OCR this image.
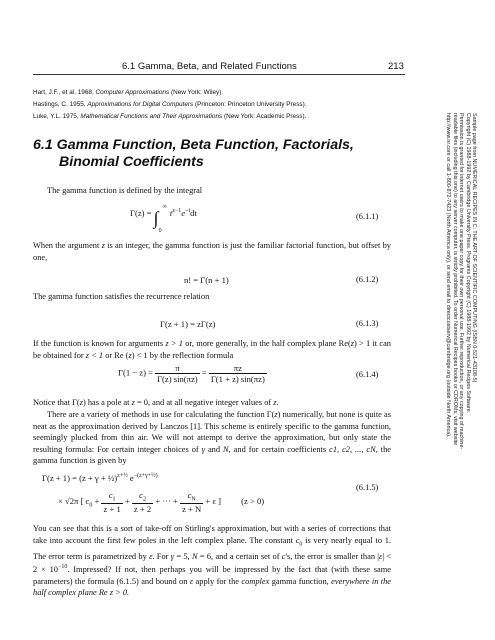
6.1 Gamma, Beta, and Related Functions	213
Hart, J.F., et al. 1968, Computer Approximations (New York: Wiley).
Hastings, C. 1955, Approximations for Digital Computers (Princeton: Princeton University Press).
Luke, Y.L. 1975, Mathematical Functions and Their Approximations (New York: Academic Press).
6.1 Gamma Function, Beta Function, Factorials,
Binomial Coefficients
The gamma function is defined by the integral
Γ(z) = ∫
∞
0
$t^{z-1}e^{-t}dt$	(6.1.1)
When the argument z is an integer, the gamma function is just the familiar factorial function, but offset by one,
n! = Γ(n + 1)	(6.1.2)
The gamma function satisfies the recurrence relation
Γ(z + 1) = zΓ(z)	(6.1.3)
If the function is known for arguments z > 1 or, more generally, in the half complex plane Re(z) > 1 it can be obtained for z < 1 or Re (z) < 1 by the reflection formula
$\Gamma(1 - z) = \frac{\pi}{\Gamma(z) \sin(\pi z)} = \frac{\pi z}{\Gamma(1 + z) \sin(\pi z)}$	(6.1.4)
Notice that Γ(z) has a pole at z = 0, and at all negative integer values of z.
There are a variety of methods in use for calculating the function Γ(z) numerically, but none is quite as neat as the approximation derived by Lanczos [1]. This scheme is entirely specific to the gamma function, seemingly plucked from thin air. We will not attempt to derive the approximation, but only state the resulting formula: For certain integer choices of γ and N, and for certain coefficients c1, c2, ..., cN, the gamma function is given by
Γ(z + 1) = (z + γ + ½)$^{z+\frac{1}{2}}$ $e^{-(z+\gamma+\frac{1}{2})}$
× √2π [ $c_0 + \frac{c_1}{z + 1} + \frac{c_2}{z + 2}$ + ··· + $\frac{c_N}{z + N} + \varepsilon$ ] (z > 0)
(6.1.5)
You can see that this is a sort of take-off on Stirling's approximation, but with a series of corrections that take into account the first few poles in the left complex plane. The constant $c_0$ is very nearly equal to 1. The error term is parametrized by ε. For γ = 5, N = 6, and a certain set of c's, the error is smaller than $|\varepsilon| < 2 \times 10^{-10}$. Impressed? If not, then perhaps you will be impressed by the fact that (with these same parameters) the formula (6.1.5) and bound on ε apply for the complex gamma function, everywhere in the half complex plane Re z > 0.
Sample page from NUMERICAL RECIPES IN C: THE ART OF SCIENTIFIC COMPUTING (ISBN 0-521-43108-5)
Copyright (C) 1988-1992 by Cambridge University Press. Programs Copyright (C) 1988-1992 by Numerical Recipes Software.
Permission is granted for internet users to make one paper copy for their own personal use. Further reproduction, or any copying of machine-
readable files (including this one) to any server computer, is strictly prohibited. To order Numerical Recipes books or CDROMs, visit website
http://www.nr.com or call 1-800-872-7423 (North America only), or send email to directcustserv@cambridge.org (outside North America).
